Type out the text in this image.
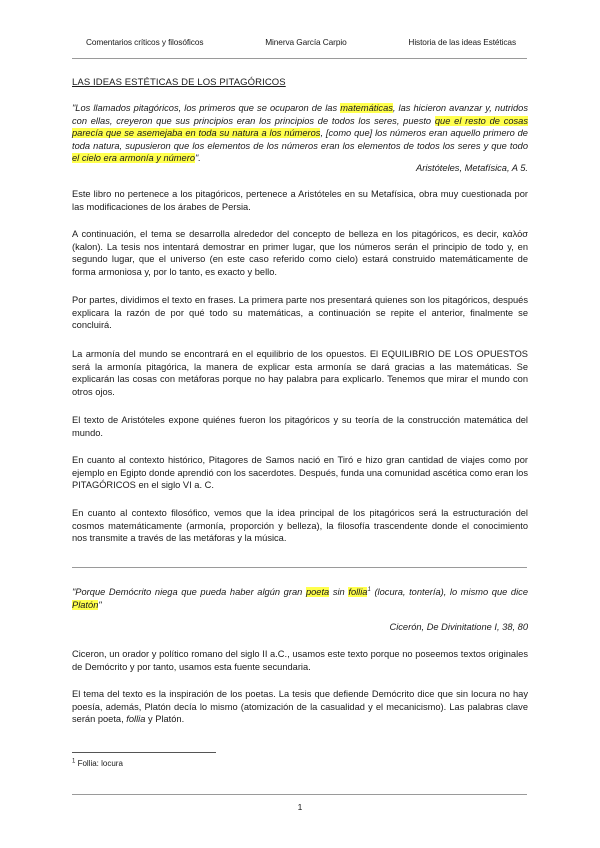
Comentarios críticos y filosóficos	Minerva García Carpio	Historia de las ideas Estéticas
LAS IDEAS ESTÉTICAS DE LOS PITAGÓRICOS
"Los llamados pitagóricos, los primeros que se ocuparon de las matemáticas, las hicieron avanzar y, nutridos con ellas, creyeron que sus principios eran los principios de todos los seres, puesto que el resto de cosas parecía que se asemejaba en toda su natura a los números, [como que] los números eran aquello primero de toda natura, supusieron que los elementos de los números eran los elementos de todos los seres y que todo el cielo era armonía y número".
Aristóteles, Metafísica, A 5.
Este libro no pertenece a los pitagóricos, pertenece a Aristóteles en su Metafísica, obra muy cuestionada por las modificaciones de los árabes de Persia.
A continuación, el tema se desarrolla alrededor del concepto de belleza en los pitagóricos, es decir, καλόσ (kalon). La tesis nos intentará demostrar en primer lugar, que los números serán el principio de todo y, en segundo lugar, que el universo (en este caso referido como cielo) estará construido matemáticamente de forma armoniosa y, por lo tanto, es exacto y bello.
Por partes, dividimos el texto en frases. La primera parte nos presentará quienes son los pitagóricos, después explicara la razón de por qué todo su matemáticas, a continuación se repite el anterior, finalmente se concluirá.
La armonía del mundo se encontrará en el equilibrio de los opuestos. El EQUILIBRIO DE LOS OPUESTOS será la armonía pitagórica, la manera de explicar esta armonía se dará gracias a las matemáticas. Se explicarán las cosas con metáforas porque no hay palabra para explicarlo. Tenemos que mirar el mundo con otros ojos.
El texto de Aristóteles expone quiénes fueron los pitagóricos y su teoría de la construcción matemática del mundo.
En cuanto al contexto histórico, Pitagores de Samos nació en Tiró e hizo gran cantidad de viajes como por ejemplo en Egipto donde aprendió con los sacerdotes. Después, funda una comunidad ascética como eran los PITAGÓRICOS en el siglo VI a. C.
En cuanto al contexto filosófico, vemos que la idea principal de los pitagóricos será la estructuración del cosmos matemáticamente (armonía, proporción y belleza), la filosofía trascendente donde el conocimiento nos transmite a través de las metáforas y la música.
"Porque Demócrito niega que pueda haber algún gran poeta sin follia$^1$ (locura, tontería), lo mismo que dice Platón"
Cicerón, De Divinitatione I, 38, 80
Ciceron, un orador y político romano del siglo II a.C., usamos este texto porque no poseemos textos originales de Demócrito y por tanto, usamos esta fuente secundaria.
El tema del texto es la inspiración de los poetas. La tesis que defiende Demócrito dice que sin locura no hay poesía, además, Platón decía lo mismo (atomización de la casualidad y el mecanicismo). Las palabras clave serán poeta, follia y Platón.
$^1$ Follia: locura
1
